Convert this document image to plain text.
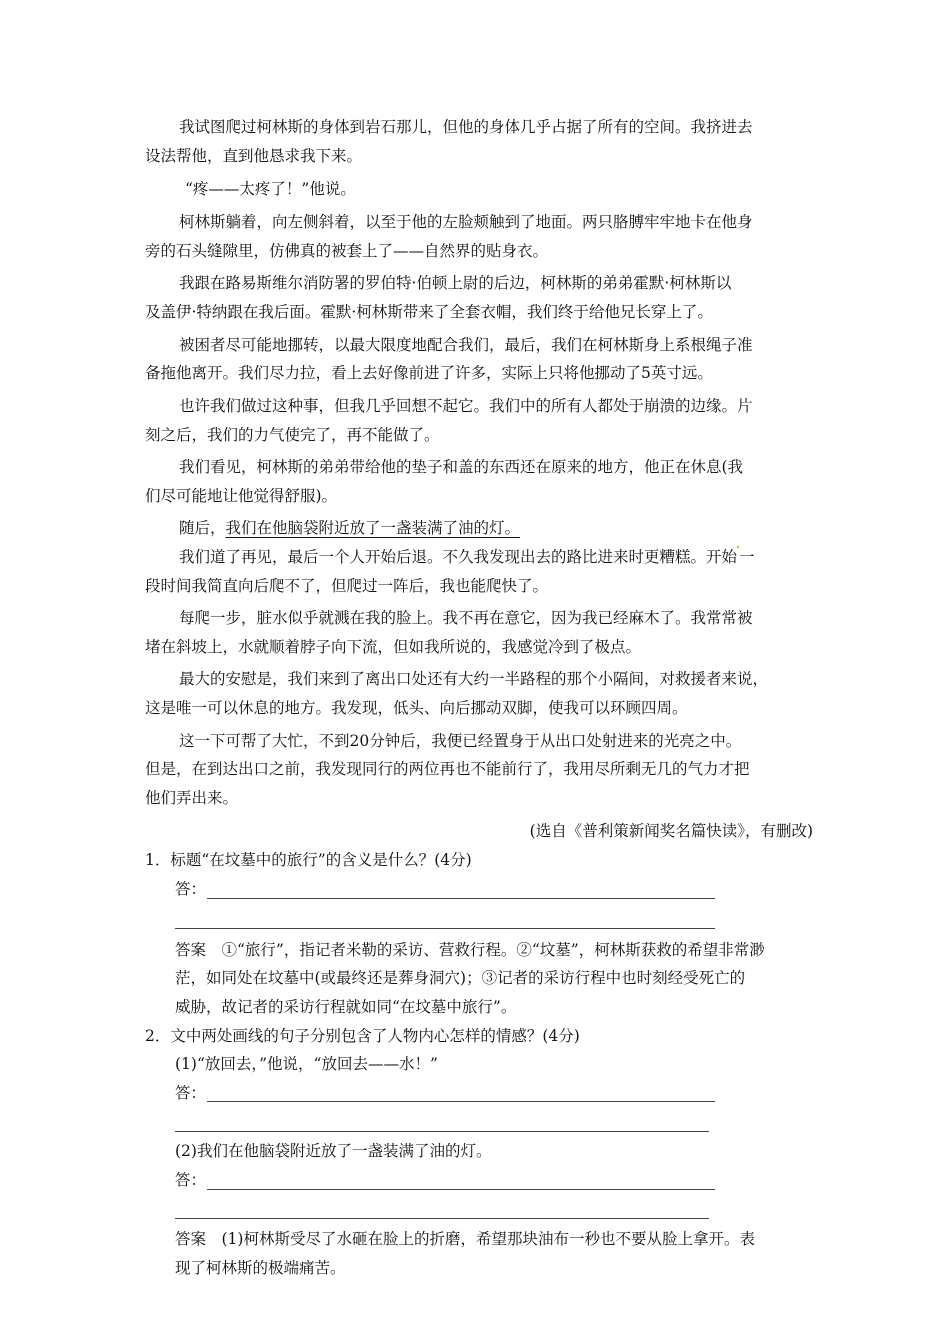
我试图爬过柯林斯的身体到岩石那儿，但他的身体几乎占据了所有的空间。我挤进去
设法帮他，直到他恳求我下来。
“疼——太疼了！”他说。
柯林斯躺着，向左侧斜着，以至于他的左脸颊触到了地面。两只胳膊牢牢地卡在他身
旁的石头缝隙里，仿佛真的被套上了——自然界的贴身衣。
我跟在路易斯维尔消防署的罗伯特·伯顿上尉的后边，柯林斯的弟弟霍默·柯林斯以
及盖伊·特纳跟在我后面。霍默·柯林斯带来了全套衣帽，我们终于给他兄长穿上了。
被困者尽可能地挪转，以最大限度地配合我们，最后，我们在柯林斯身上系根绳子准
备拖他离开。我们尽力拉，看上去好像前进了许多，实际上只将他挪动了5英寸远。
也许我们做过这种事，但我几乎回想不起它。我们中的所有人都处于崩溃的边缘。片
刻之后，我们的力气使完了，再不能做了。
我们看见，柯林斯的弟弟带给他的垫子和盖的东西还在原来的地方，他正在休息(我
们尽可能地让他觉得舒服)。
随后，我们在他脑袋附近放了一盏装满了油的灯。
我们道了再见，最后一个人开始后退。不久我发现出去的路比进来时更糟糕。开始 一
段时间我简直向后爬不了，但爬过一阵后，我也能爬快了。
每爬一步，脏水似乎就溅在我的脸上。我不再在意它，因为我已经麻木了。我常常被
堵在斜坡上，水就顺着脖子向下流，但如我所说的，我感觉冷到了极点。
最大的安慰是，我们来到了离出口处还有大约一半路程的那个小隔间，对救援者来说，
这是唯一可以休息的地方。我发现，低头、向后挪动双脚，使我可以环顾四周。
这一下可帮了大忙，不到20分钟后，我便已经置身于从出口处射进来的光亮之中。
但是，在到达出口之前，我发现同行的两位再也不能前行了，我用尽所剩无几的气力才把
他们弄出来。
(选自《普利策新闻奖名篇快读》，有删改)
1．标题“在坟墓中的旅行”的含义是什么？(4分)
答：
答案　①“旅行”，指记者米勒的采访、营救行程。②“坟墓”，柯林斯获救的希望非常渺
茫，如同处在坟墓中(或最终还是葬身洞穴)；③记者的采访行程中也时刻经受死亡的
威胁，故记者的采访行程就如同“在坟墓中旅行”。
2．文中两处画线的句子分别包含了人物内心怎样的情感？(4分)
(1)“放回去，”他说，“放回去——水！”
答：
(2)我们在他脑袋附近放了一盏装满了油的灯。
答：
答案　(1)柯林斯受尽了水砸在脸上的折磨，希望那块油布一秒也不要从脸上拿开。表
现了柯林斯的极端痛苦。
